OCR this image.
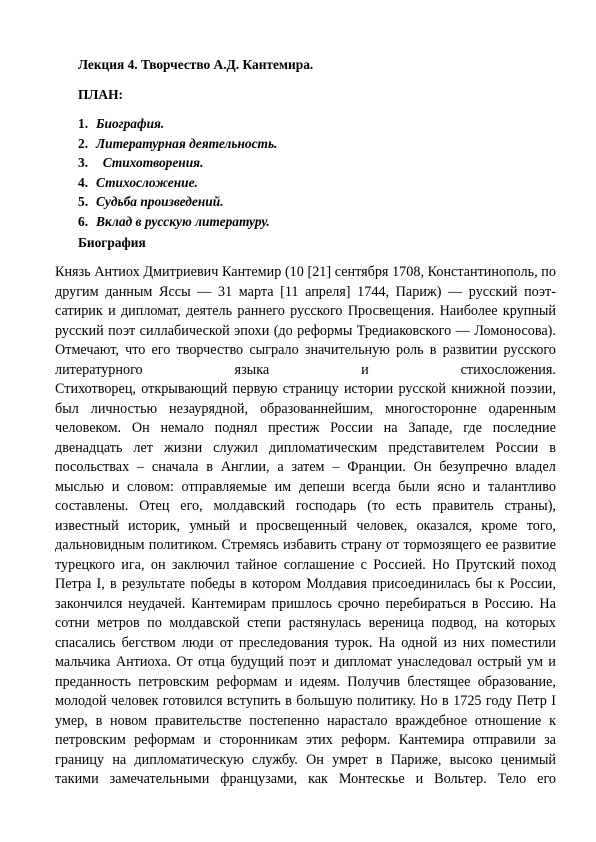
Лекция 4. Творчество А.Д. Кантемира.
ПЛАН:
1. Биография.
2. Литературная деятельность.
3.  Стихотворения.
4. Стихосложение.
5. Судьба произведений.
6. Вклад в русскую литературу.
Биография
Князь Антиох Дмитриевич Кантемир (10 [21] сентября 1708, Константинополь, по
другим данным Яссы — 31 марта [11 апреля] 1744, Париж) — русский поэт-
сатирик и дипломат, деятель раннего русского Просвещения. Наиболее крупный
русский поэт силлабической эпохи (до реформы Тредиаковского — Ломоносова).
Отмечают, что его творчество сыграло значительную роль в развитии русского
литературного	языка	и	стихосложения.
Стихотворец, открывающий первую страницу истории русской книжной поэзии,
был личностью незаурядной, образованнейшим, многосторонне одаренным
человеком. Он немало поднял престиж России на Западе, где последние
двенадцать лет жизни служил дипломатическим представителем России в
посольствах – сначала в Англии, а затем – Франции. Он безупречно владел
мыслью и словом: отправляемые им депеши всегда были ясно и талантливо
составлены. Отец его, молдавский господарь (то есть правитель страны),
известный историк, умный и просвещенный человек, оказался, кроме того,
дальновидным политиком. Стремясь избавить страну от тормозящего ее развитие
турецкого ига, он заключил тайное соглашение с Россией. Но Прутский поход
Петра I, в результате победы в котором Молдавия присоединилась бы к России,
закончился неудачей. Кантемирам пришлось срочно перебираться в Россию. На
сотни метров по молдавской степи растянулась вереница подвод, на которых
спасались бегством люди от преследования турок. На одной из них поместили
мальчика Антиоха. От отца будущий поэт и дипломат унаследовал острый ум и
преданность петровским реформам и идеям. Получив блестящее образование,
молодой человек готовился вступить в большую политику. Но в 1725 году Петр I
умер, в новом правительстве постепенно нарастало враждебное отношение к
петровским реформам и сторонникам этих реформ. Кантемира отправили за
границу на дипломатическую службу. Он умрет в Париже, высоко ценимый
такими замечательными французами, как Монтескье и Вольтер. Тело его
